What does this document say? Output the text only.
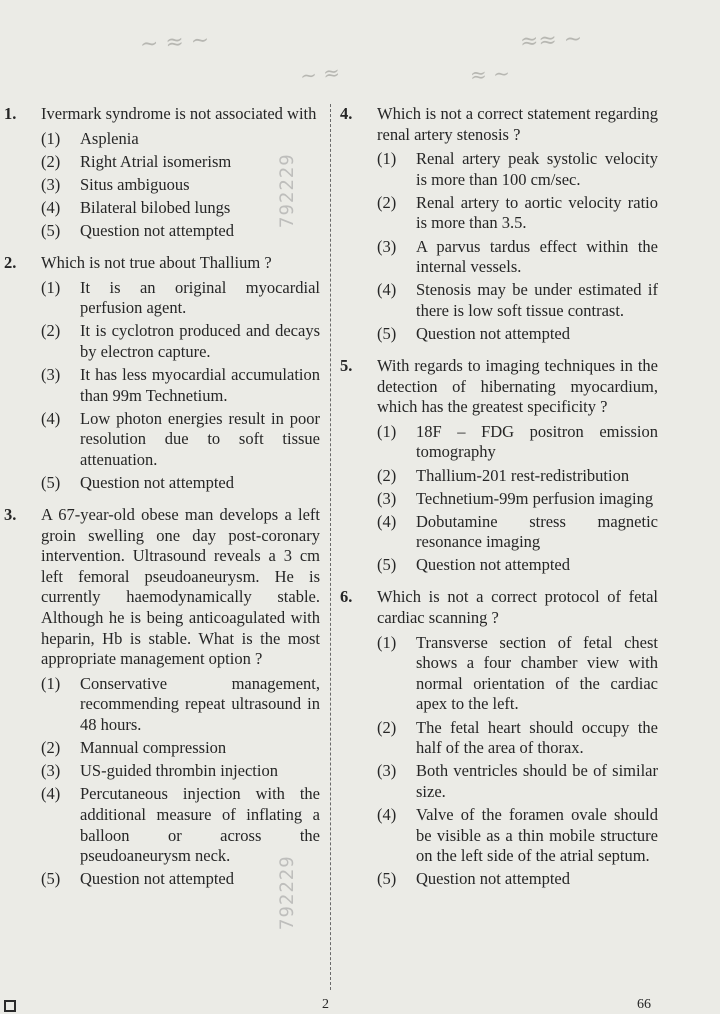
~ ≈ ~	≈≈ ~
~ ≈	≈ ~
1.	Ivermark syndrome is not associated with
(1)	Asplenia
(2)	Right Atrial isomerism
(3)	Situs ambiguous
(4)	Bilateral bilobed lungs
(5)	Question not attempted
2.	Which is not true about Thallium ?
(1)	It is an original myocardial perfusion agent.
(2)	It is cyclotron produced and decays by electron capture.
(3)	It has less myocardial accumulation than 99m Technetium.
(4)	Low photon energies result in poor resolution due to soft tissue attenuation.
(5)	Question not attempted
3.	A 67-year-old obese man develops a left groin swelling one day post-coronary intervention. Ultrasound reveals a 3 cm left femoral pseudoaneurysm. He is currently haemodynamically stable. Although he is being anticoagulated with heparin, Hb is stable. What is the most appropriate management option ?
(1)	Conservative management, recommending repeat ultrasound in 48 hours.
(2)	Mannual compression
(3)	US-guided thrombin injection
(4)	Percutaneous injection with the additional measure of inflating a balloon or across the pseudoaneurysm neck.
(5)	Question not attempted
4.	Which is not a correct statement regarding renal artery stenosis ?
(1)	Renal artery peak systolic velocity is more than 100 cm/sec.
(2)	Renal artery to aortic velocity ratio is more than 3.5.
(3)	A parvus tardus effect within the internal vessels.
(4)	Stenosis may be under estimated if there is low soft tissue contrast.
(5)	Question not attempted
5.	With regards to imaging techniques in the detection of hibernating myocardium, which has the greatest specificity ?
(1)	18F – FDG positron emission tomography
(2)	Thallium-201 rest-redistribution
(3)	Technetium-99m perfusion imaging
(4)	Dobutamine stress magnetic resonance imaging
(5)	Question not attempted
6.	Which is not a correct protocol of fetal cardiac scanning ?
(1)	Transverse section of fetal chest shows a four chamber view with normal orientation of the cardiac apex to the left.
(2)	The fetal heart should occupy the half of the area of thorax.
(3)	Both ventricles should be of similar size.
(4)	Valve of the foramen ovale should be visible as a thin mobile structure on the left side of the atrial septum.
(5)	Question not attempted
792229
792229
2	66
